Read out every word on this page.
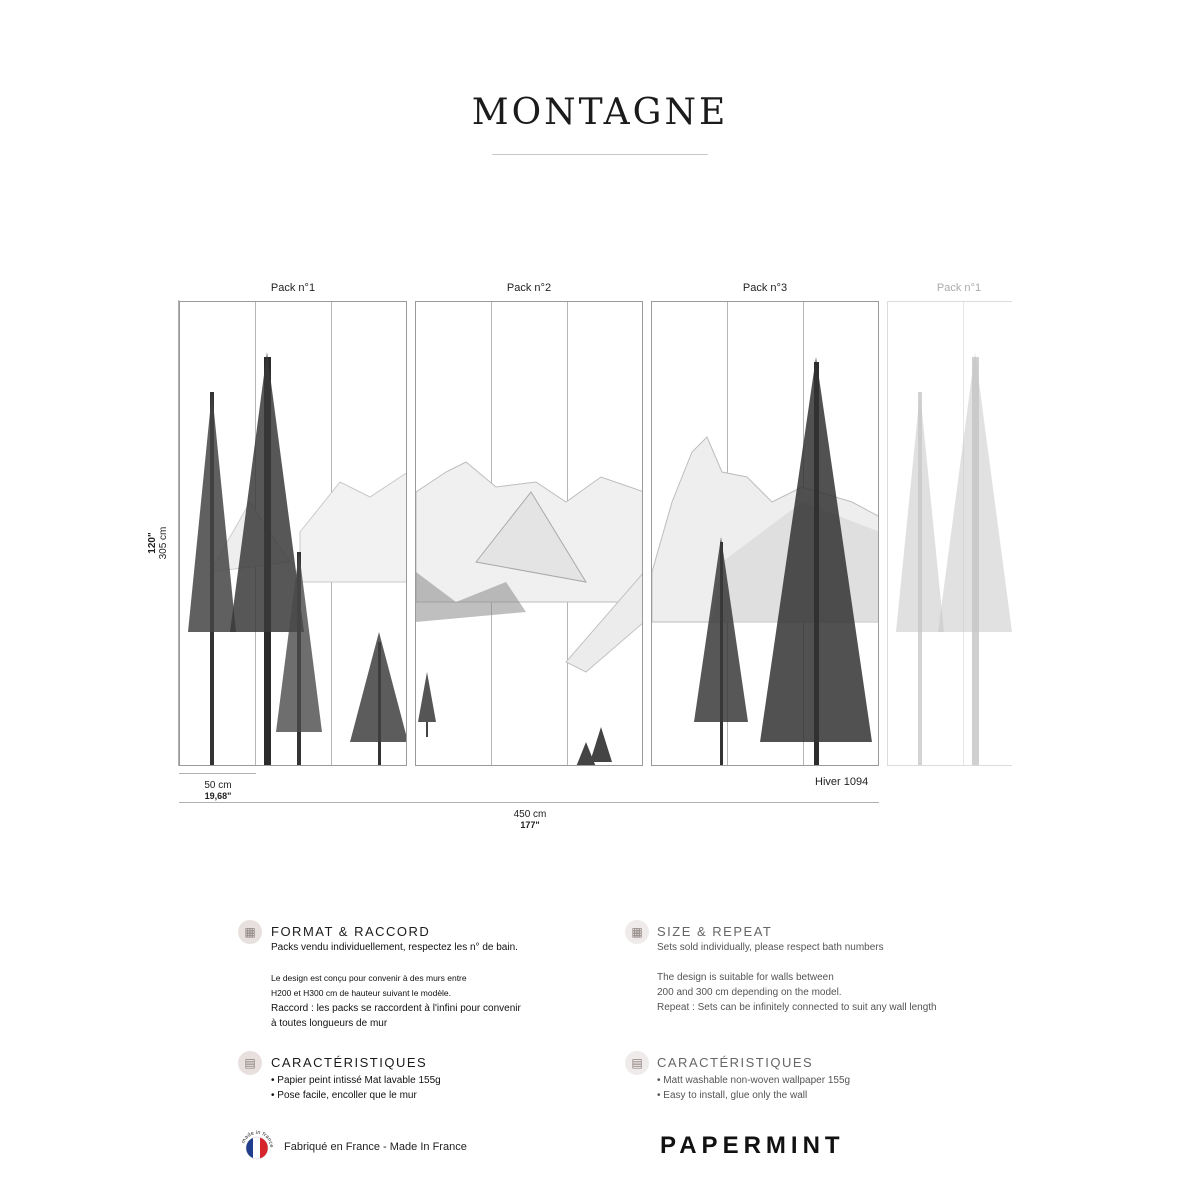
MONTAGNE
Pack n°1	Pack n°2	Pack n°3	Pack n°1
120" 305 cm
50 cm
19,68"
450 cm
177"
Hiver 1094
▦	FORMAT & RACCORD
Packs vendu individuellement, respectez les n° de bain.
Le design est conçu pour convenir à des murs entre
H200 et H300 cm de hauteur suivant le modèle.
Raccord : les packs se raccordent à l'infini pour convenir
à toutes longueurs de mur
▤	CARACTÉRISTIQUES
• Papier peint intissé Mat lavable 155g
• Pose facile, encoller que le mur
▦	SIZE & REPEAT
Sets sold individually, please respect bath numbers
The design is suitable for walls between
200 and 300 cm depending on the model.
Repeat : Sets can be infinitely connected to suit any wall length
▤	CARACTÉRISTIQUES
• Matt washable non-woven wallpaper 155g
• Easy to install, glue only the wall
made in france Fabriqué en France - Made In France	PAPERMINT
